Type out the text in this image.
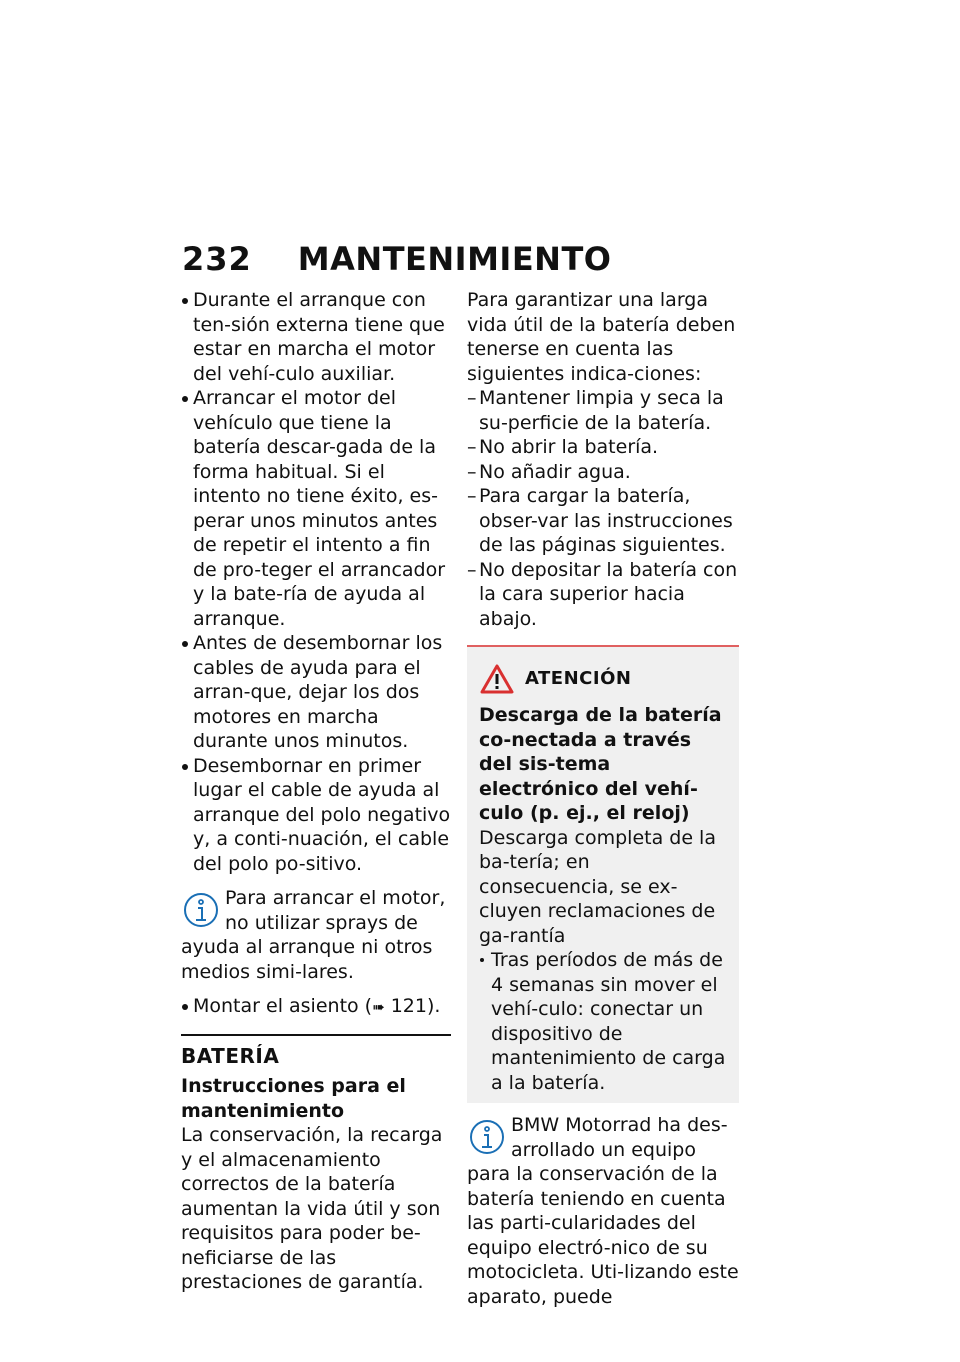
232 MANTENIMIENTO
Durante el arranque con ten-sión externa tiene que estar en marcha el motor del vehí-culo auxiliar.
Arrancar el motor del vehículo que tiene la batería descar-gada de la forma habitual. Si el intento no tiene éxito, es-perar unos minutos antes de repetir el intento a fin de pro-teger el arrancador y la bate-ría de ayuda al arranque.
Antes de desembornar los cables de ayuda para el arran-que, dejar los dos motores en marcha durante unos minutos.
Desembornar en primer lugar el cable de ayuda al arranque del polo negativo y, a conti-nuación, el cable del polo po-sitivo.
Para arrancar el motor, no utilizar sprays de ayuda al arranque ni otros medios simi-lares.
Montar el asiento (➠ 121).
BATERÍA
Instrucciones para el mantenimiento
La conservación, la recarga y el almacenamiento correctos de la batería aumentan la vida útil y son requisitos para poder be-neficiarse de las prestaciones de garantía.
Para garantizar una larga vida útil de la batería deben tenerse en cuenta las siguientes indica-ciones:
– Mantener limpia y seca la su-perficie de la batería.
– No abrir la batería.
– No añadir agua.
– Para cargar la batería, obser-var las instrucciones de las páginas siguientes.
– No depositar la batería con la cara superior hacia abajo.
ATENCIÓN
Descarga de la batería co-nectada a través del sis-tema electrónico del vehí-culo (p. ej., el reloj)
Descarga completa de la ba-tería; en consecuencia, se ex-cluyen reclamaciones de ga-rantía
Tras períodos de más de 4 semanas sin mover el vehí-culo: conectar un dispositivo de mantenimiento de carga a la batería.
BMW Motorrad ha des-arrollado un equipo para la conservación de la batería teniendo en cuenta las parti-cularidades del equipo electró-nico de su motocicleta. Uti-lizando este aparato, puede
